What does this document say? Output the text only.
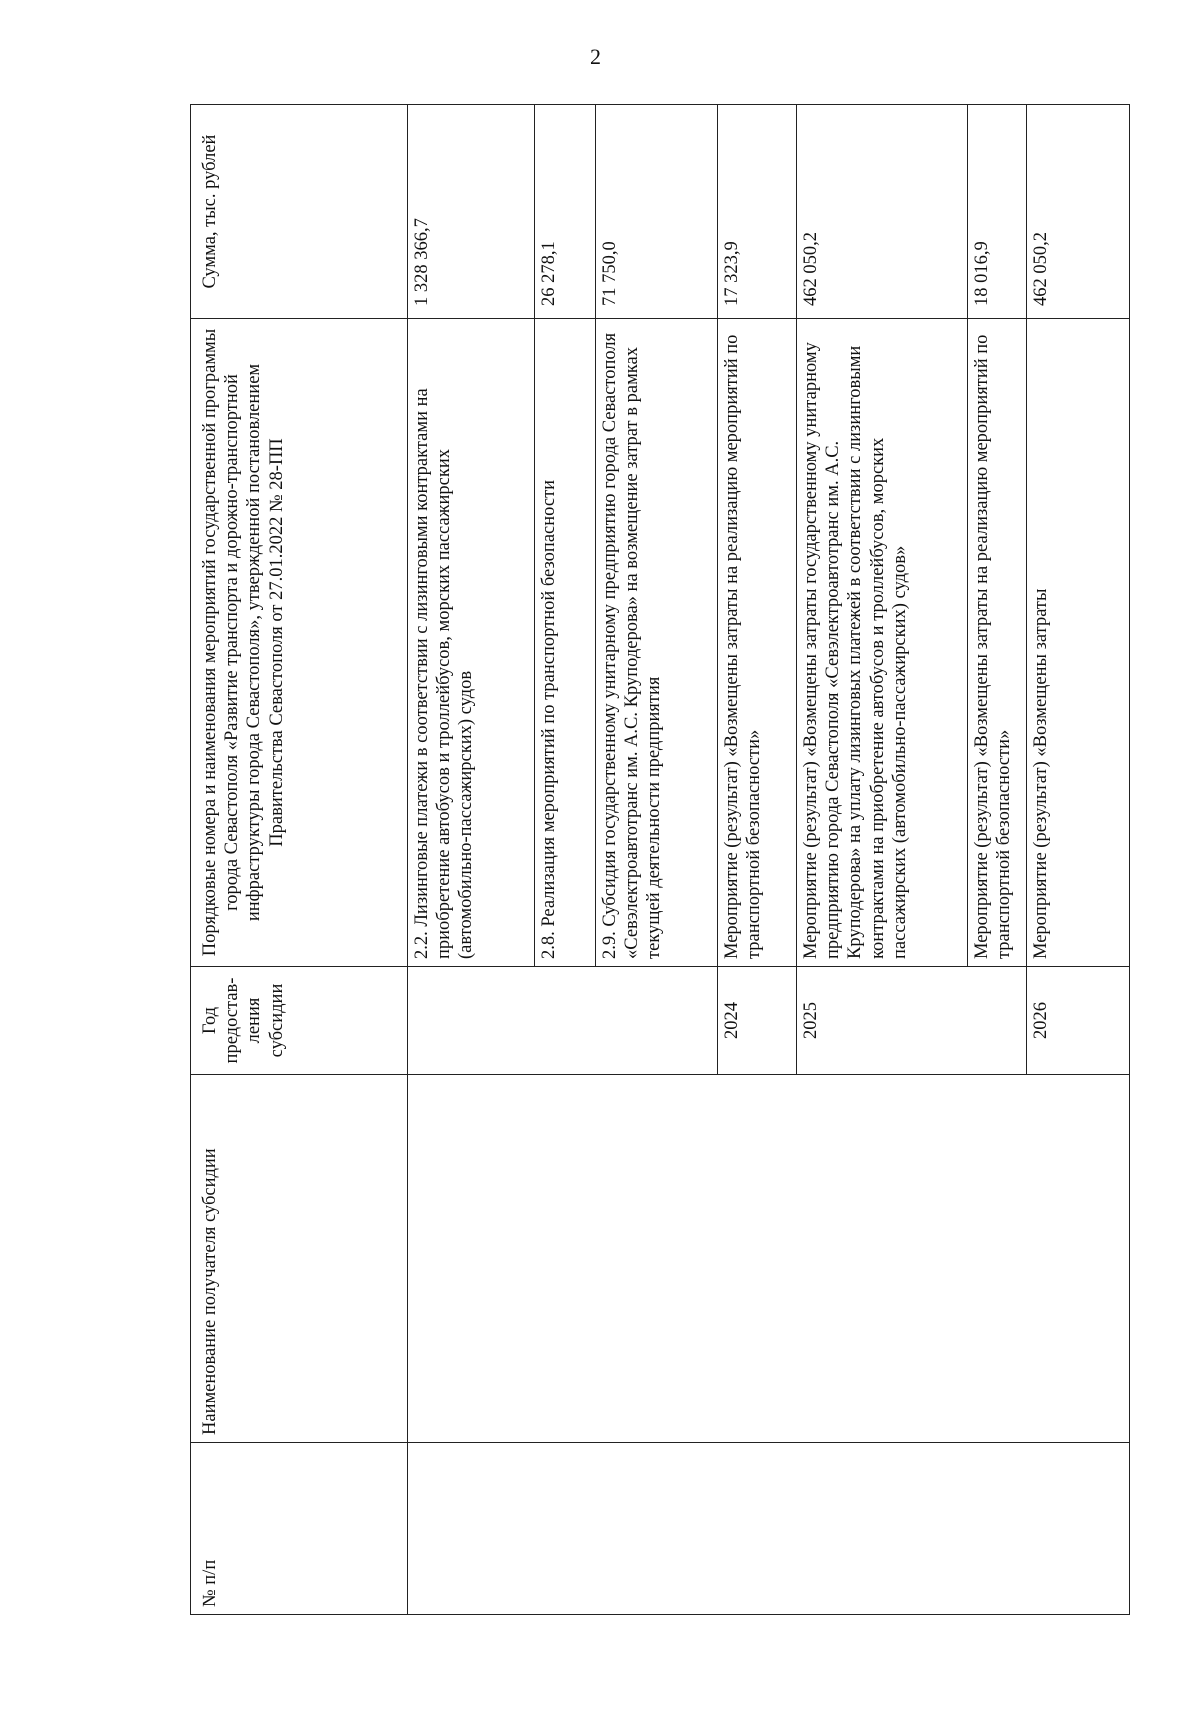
2
№ п/п	Наименование получателя субсидии	Год предостав-ления субсидии	Порядковые номера и наименования мероприятий государственной программы города Севастополя «Развитие транспорта и дорожно-транспортной инфраструктуры города Севастополя», утвержденной постановлением Правительства Севастополя от 27.01.2022 № 28-ПП	Сумма, тыс. рублей
			2.2. Лизинговые платежи в соответствии с лизинговыми контрактами на приобретение автобусов и троллейбусов, морских пассажирских (автомобильно-пассажирских) судов	1 328 366,7
			2.8. Реализация мероприятий по транспортной безопасности	26 278,1
			2.9. Субсидия государственному унитарному предприятию города Севастополя «Севэлектроавтотранс им. А.С. Круподерова» на возмещение затрат в рамках текущей деятельности предприятия	71 750,0
		2024	Мероприятие (результат) «Возмещены затраты на реализацию мероприятий по транспортной безопасности»	17 323,9
		2025	Мероприятие (результат) «Возмещены затраты государственному унитарному предприятию города Севастополя «Севэлектроавтотранс им. А.С. Круподерова» на уплату лизинговых платежей в соответствии с лизинговыми контрактами на приобретение автобусов и троллейбусов, морских пассажирских (автомобильно-пассажирских) судов»	462 050,2
			Мероприятие (результат) «Возмещены затраты на реализацию мероприятий по транспортной безопасности»	18 016,9
		2026	Мероприятие (результат) «Возмещены затраты	462 050,2
